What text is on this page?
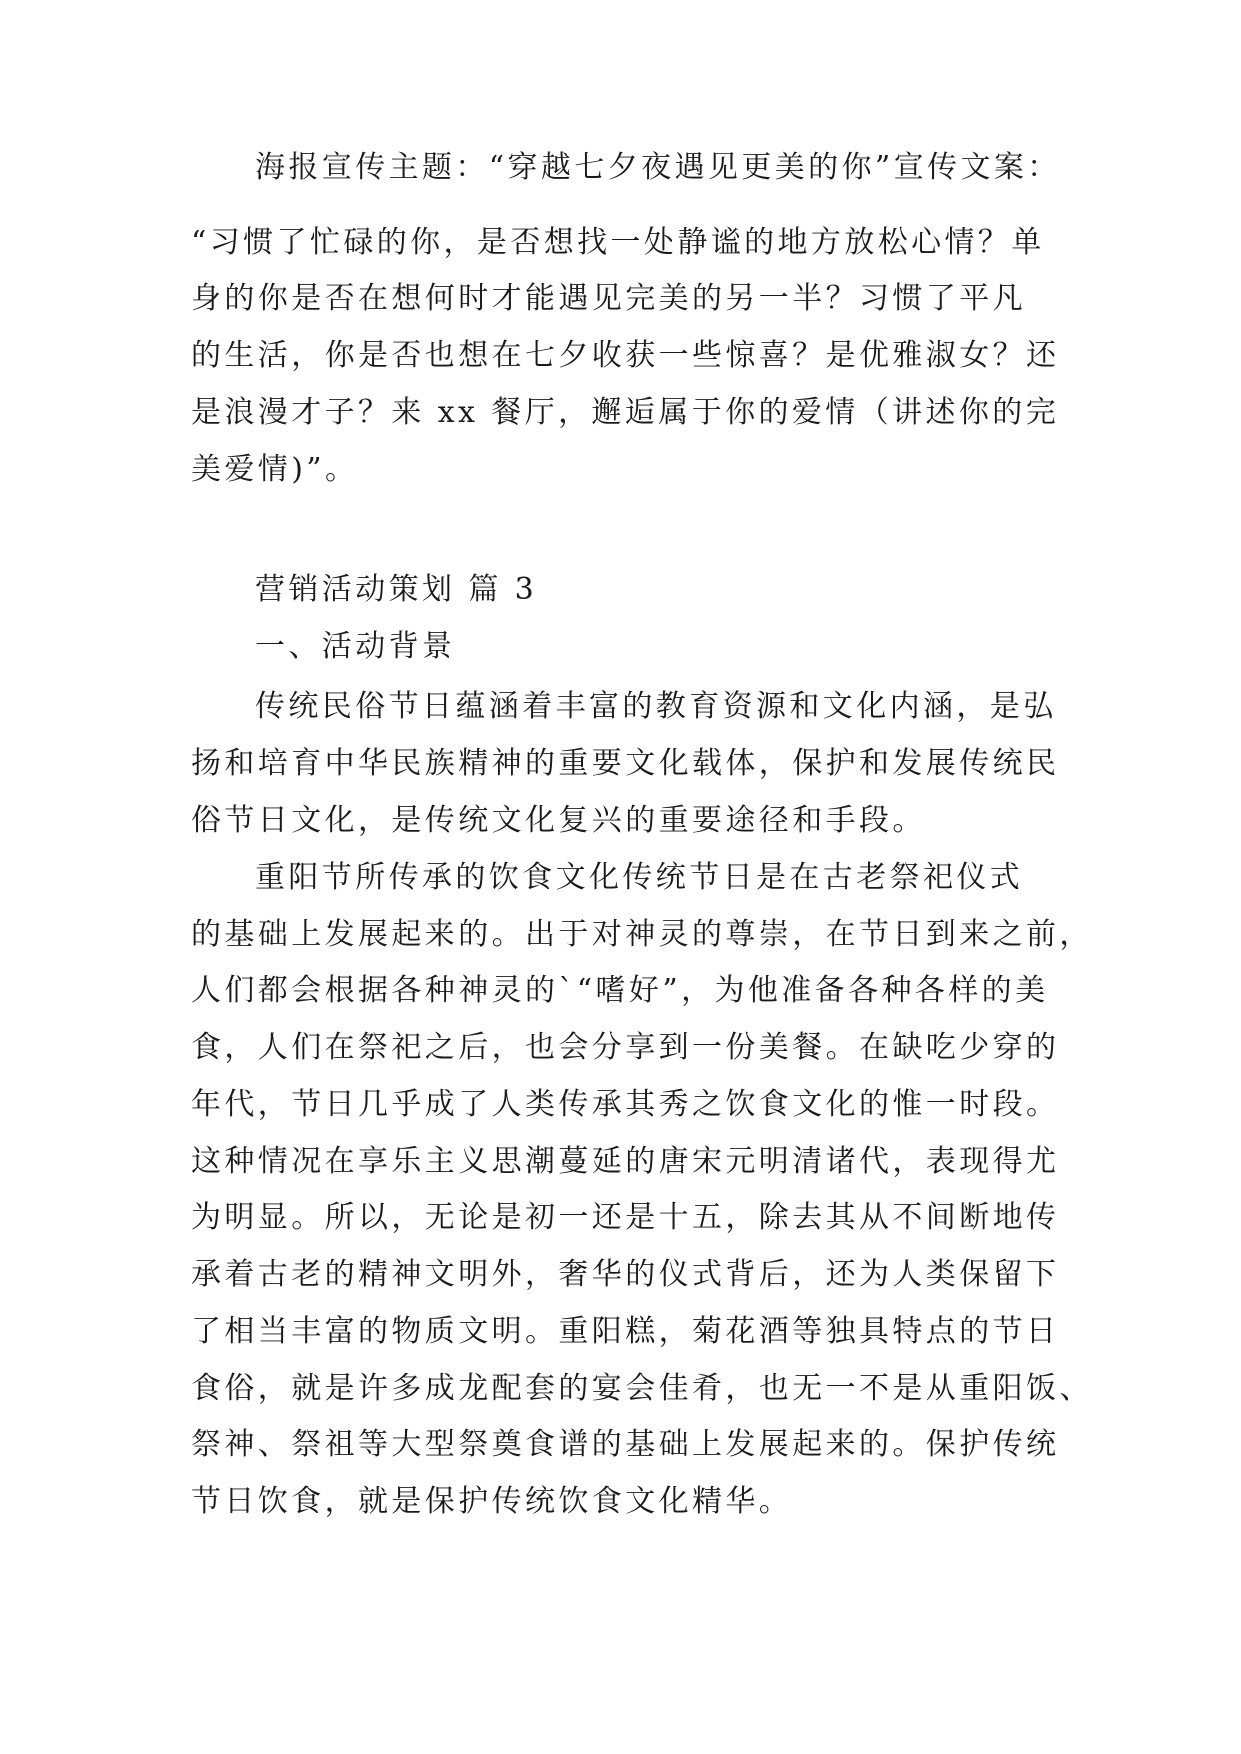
海报宣传主题：“穿越七夕夜遇见更美的你”宣传文案：
“习惯了忙碌的你，是否想找一处静谧的地方放松心情？单
身的你是否在想何时才能遇见完美的另一半？习惯了平凡
的生活，你是否也想在七夕收获一些惊喜？是优雅淑女？还
是浪漫才子？来 xx 餐厅，邂逅属于你的爱情（讲述你的完
美爱情)”。
营销活动策划 篇 3
一、活动背景
传统民俗节日蕴涵着丰富的教育资源和文化内涵，是弘
扬和培育中华民族精神的重要文化载体，保护和发展传统民
俗节日文化，是传统文化复兴的重要途径和手段。
重阳节所传承的饮食文化传统节日是在古老祭祀仪式
的基础上发展起来的。出于对神灵的尊崇，在节日到来之前，
人们都会根据各种神灵的`“嗜好”，为他准备各种各样的美
食，人们在祭祀之后，也会分享到一份美餐。在缺吃少穿的
年代，节日几乎成了人类传承其秀之饮食文化的惟一时段。
这种情况在享乐主义思潮蔓延的唐宋元明清诸代，表现得尤
为明显。所以，无论是初一还是十五，除去其从不间断地传
承着古老的精神文明外，奢华的仪式背后，还为人类保留下
了相当丰富的物质文明。重阳糕，菊花酒等独具特点的节日
食俗，就是许多成龙配套的宴会佳肴，也无一不是从重阳饭、
祭神、祭祖等大型祭奠食谱的基础上发展起来的。保护传统
节日饮食，就是保护传统饮食文化精华。
